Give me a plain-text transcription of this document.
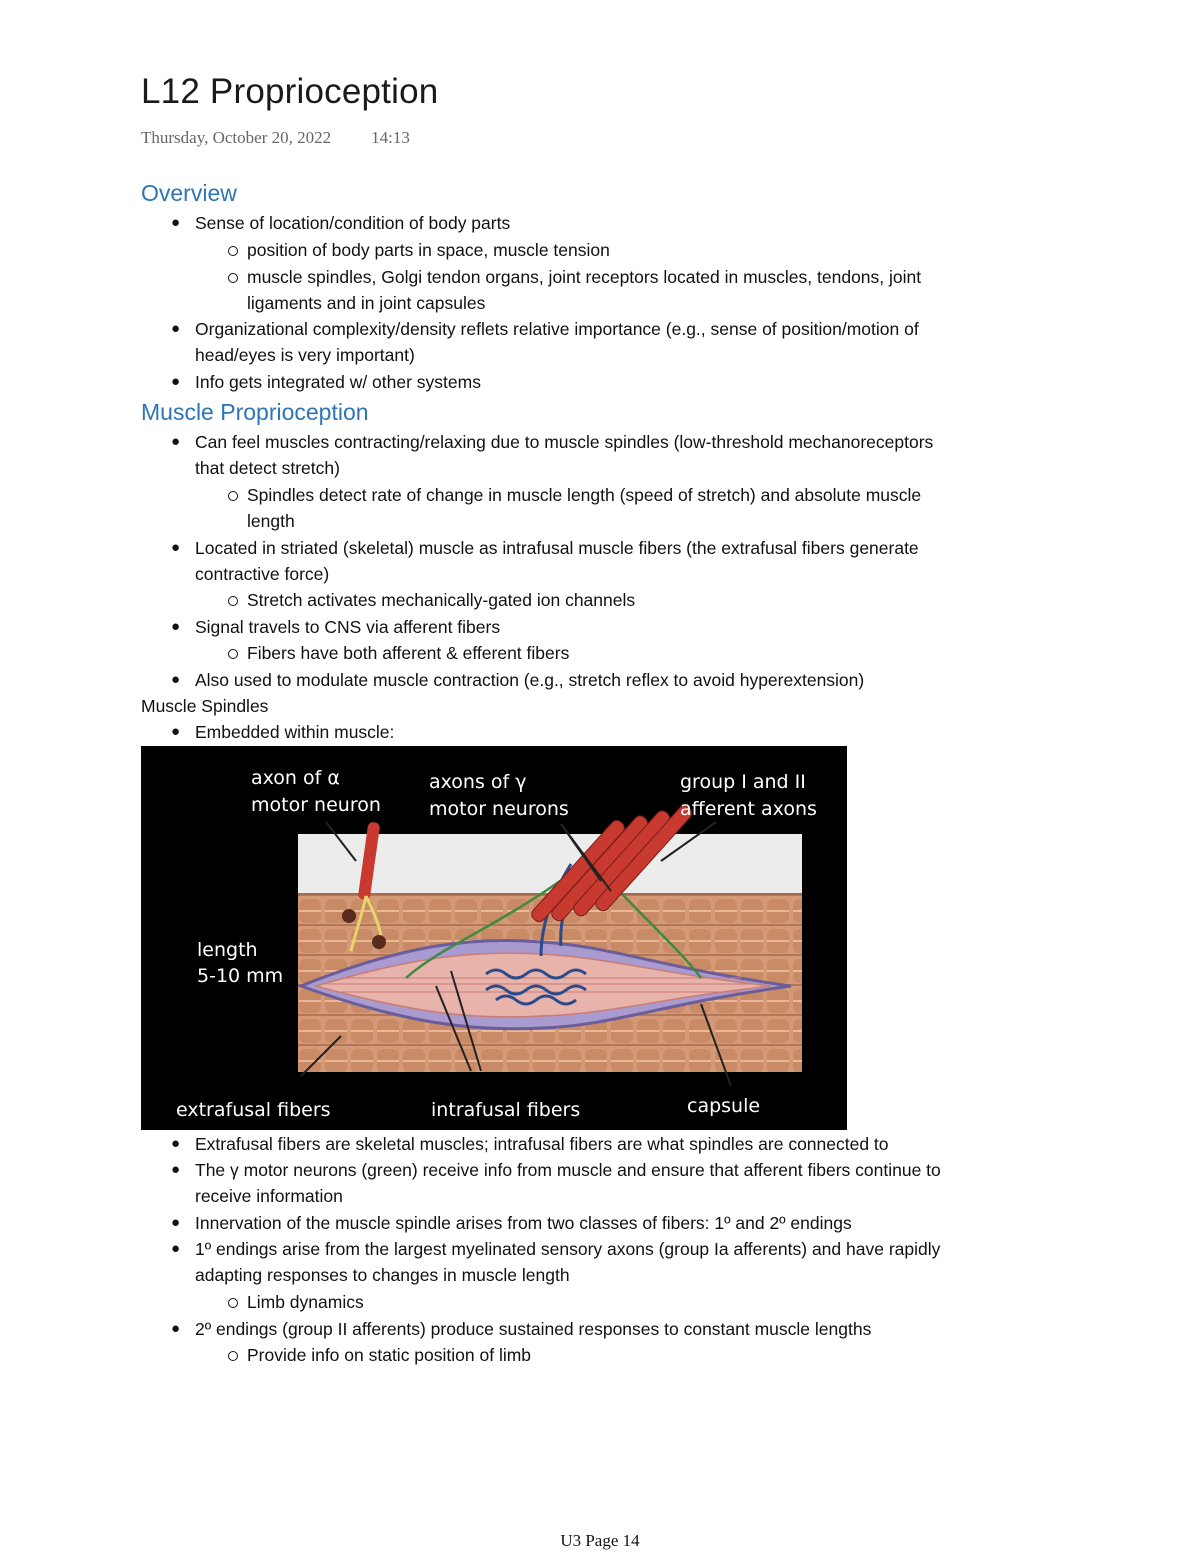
L12 Proprioception
Thursday, October 20, 2022 14:13
Overview
● Sense of location/condition of body parts
position of body parts in space, muscle tension
muscle spindles, Golgi tendon organs, joint receptors located in muscles, tendons, joint
ligaments and in joint capsules
● Organizational complexity/density reflets relative importance (e.g., sense of position/motion of
head/eyes is very important)
● Info gets integrated w/ other systems
Muscle Proprioception
● Can feel muscles contracting/relaxing due to muscle spindles (low-threshold mechanoreceptors
that detect stretch)
Spindles detect rate of change in muscle length (speed of stretch) and absolute muscle
length
● Located in striated (skeletal) muscle as intrafusal muscle fibers (the extrafusal fibers generate
contractive force)
Stretch activates mechanically-gated ion channels
● Signal travels to CNS via afferent fibers
Fibers have both afferent & efferent fibers
● Also used to modulate muscle contraction (e.g., stretch reflex to avoid hyperextension)
Muscle Spindles
● Embedded within muscle:
axon of α
motor neuron
axons of γ
motor neurons
group I and II
afferent axons
length
5-10 mm
extrafusal fibers	intrafusal fibers	capsule
● Extrafusal fibers are skeletal muscles; intrafusal fibers are what spindles are connected to
● The γ motor neurons (green) receive info from muscle and ensure that afferent fibers continue to
receive information
● Innervation of the muscle spindle arises from two classes of fibers: 1º and 2º endings
● 1º endings arise from the largest myelinated sensory axons (group Ia afferents) and have rapidly
adapting responses to changes in muscle length
Limb dynamics
● 2º endings (group II afferents) produce sustained responses to constant muscle lengths
Provide info on static position of limb
U3 Page 14
